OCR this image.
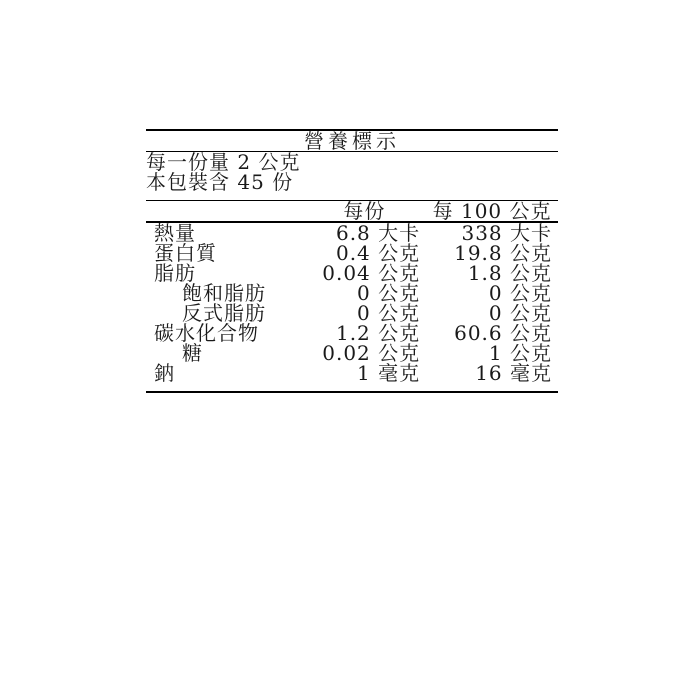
營養標示		
每一份量 2 公克		
本包裝含 45 份		
	每份	每 100 公克
熱量	6.8 大卡	338 大卡
蛋白質	0.4 公克	19.8 公克
脂肪	0.04 公克	1.8 公克
飽和脂肪	0 公克	0 公克
反式脂肪	0 公克	0 公克
碳水化合物	1.2 公克	60.6 公克
糖	0.02 公克	1 公克
鈉	1 毫克	16 毫克
